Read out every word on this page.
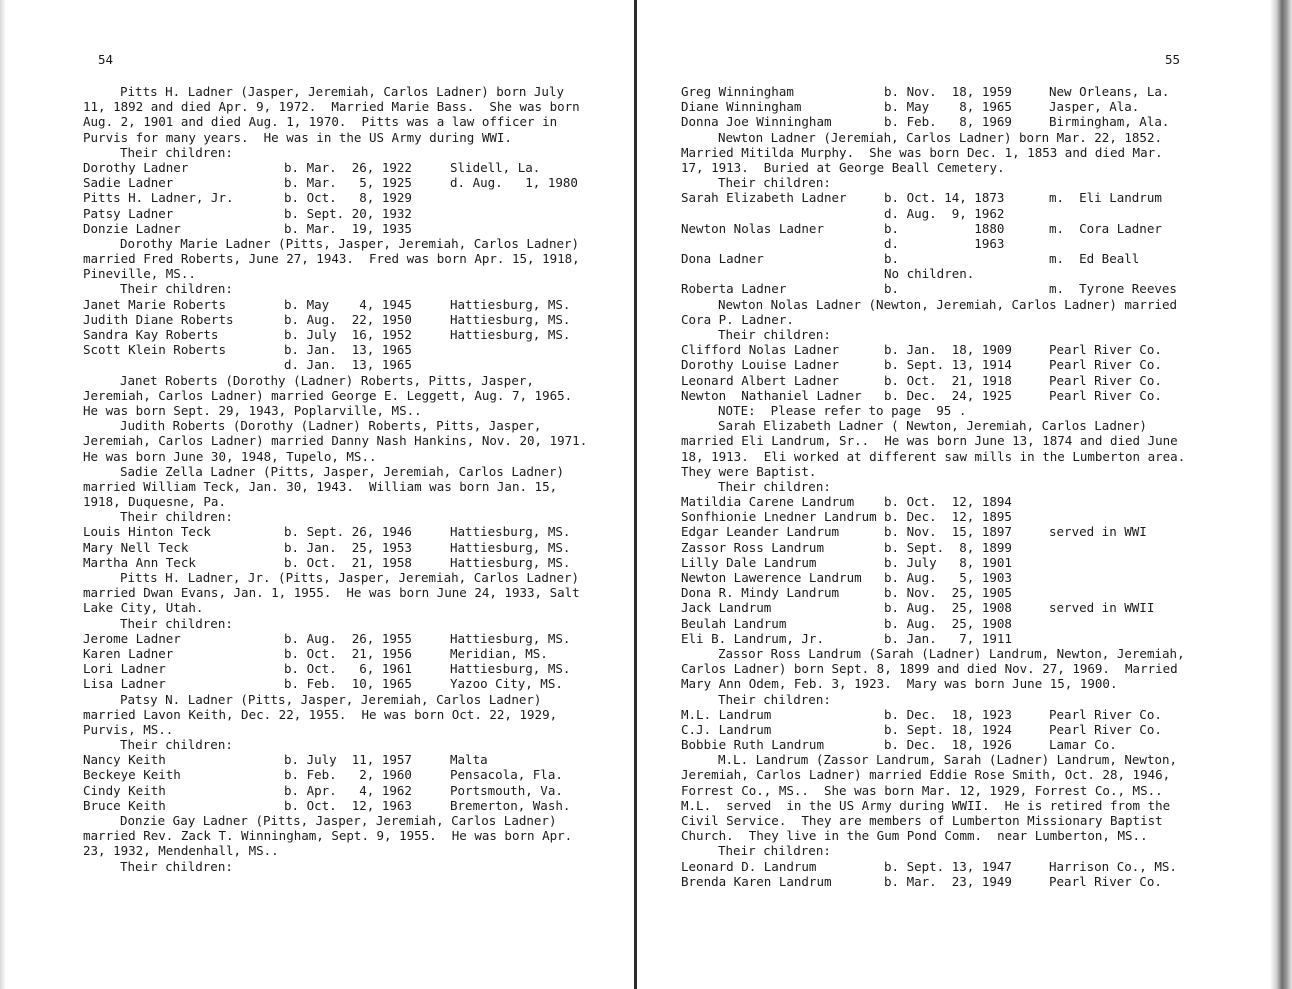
54
Pitts H. Ladner (Jasper, Jeremiah, Carlos Ladner) born July
11, 1892 and died Apr. 9, 1972.  Married Marie Bass.  She was born
Aug. 2, 1901 and died Aug. 1, 1970.  Pitts was a law officer in
Purvis for many years.  He was in the US Army during WWI.
Their children:
Dorothy Ladner	b. Mar.  26, 1922	Slidell, La.
Sadie Ladner	b. Mar.   5, 1925	d. Aug.   1, 1980
Pitts H. Ladner, Jr.	b. Oct.   8, 1929
Patsy Ladner	b. Sept. 20, 1932
Donzie Ladner	b. Mar.  19, 1935
Dorothy Marie Ladner (Pitts, Jasper, Jeremiah, Carlos Ladner)
married Fred Roberts, June 27, 1943.  Fred was born Apr. 15, 1918,
Pineville, MS..
Their children:
Janet Marie Roberts	b. May    4, 1945	Hattiesburg, MS.
Judith Diane Roberts	b. Aug.  22, 1950	Hattiesburg, MS.
Sandra Kay Roberts	b. July  16, 1952	Hattiesburg, MS.
Scott Klein Roberts	b. Jan.  13, 1965
d. Jan.  13, 1965
Janet Roberts (Dorothy (Ladner) Roberts, Pitts, Jasper,
Jeremiah, Carlos Ladner) married George E. Leggett, Aug. 7, 1965.
He was born Sept. 29, 1943, Poplarville, MS..
Judith Roberts (Dorothy (Ladner) Roberts, Pitts, Jasper,
Jeremiah, Carlos Ladner) married Danny Nash Hankins, Nov. 20, 1971.
He was born June 30, 1948, Tupelo, MS..
Sadie Zella Ladner (Pitts, Jasper, Jeremiah, Carlos Ladner)
married William Teck, Jan. 30, 1943.  William was born Jan. 15,
1918, Duquesne, Pa.
Their children:
Louis Hinton Teck	b. Sept. 26, 1946	Hattiesburg, MS.
Mary Nell Teck	b. Jan.  25, 1953	Hattiesburg, MS.
Martha Ann Teck	b. Oct.  21, 1958	Hattiesburg, MS.
Pitts H. Ladner, Jr. (Pitts, Jasper, Jeremiah, Carlos Ladner)
married Dwan Evans, Jan. 1, 1955.  He was born June 24, 1933, Salt
Lake City, Utah.
Their children:
Jerome Ladner	b. Aug.  26, 1955	Hattiesburg, MS.
Karen Ladner	b. Oct.  21, 1956	Meridian, MS.
Lori Ladner	b. Oct.   6, 1961	Hattiesburg, MS.
Lisa Ladner	b. Feb.  10, 1965	Yazoo City, MS.
Patsy N. Ladner (Pitts, Jasper, Jeremiah, Carlos Ladner)
married Lavon Keith, Dec. 22, 1955.  He was born Oct. 22, 1929,
Purvis, MS..
Their children:
Nancy Keith	b. July  11, 1957	Malta
Beckeye Keith	b. Feb.   2, 1960	Pensacola, Fla.
Cindy Keith	b. Apr.   4, 1962	Portsmouth, Va.
Bruce Keith	b. Oct.  12, 1963	Bremerton, Wash.
Donzie Gay Ladner (Pitts, Jasper, Jeremiah, Carlos Ladner)
married Rev. Zack T. Winningham, Sept. 9, 1955.  He was born Apr.
23, 1932, Mendenhall, MS..
Their children:
55
Greg Winningham	b. Nov.  18, 1959	New Orleans, La.
Diane Winningham	b. May    8, 1965	Jasper, Ala.
Donna Joe Winningham	b. Feb.   8, 1969	Birmingham, Ala.
Newton Ladner (Jeremiah, Carlos Ladner) born Mar. 22, 1852.
Married Mitilda Murphy.  She was born Dec. 1, 1853 and died Mar.
17, 1913.  Buried at George Beall Cemetery.
Their children:
Sarah Elizabeth Ladner	b. Oct. 14, 1873	m.  Eli Landrum
d. Aug.  9, 1962
Newton Nolas Ladner	b.          1880	m.  Cora Ladner
d.          1963
Dona Ladner	b.	m.  Ed Beall
No children.
Roberta Ladner	b.	m.  Tyrone Reeves
Newton Nolas Ladner (Newton, Jeremiah, Carlos Ladner) married
Cora P. Ladner.
Their children:
Clifford Nolas Ladner	b. Jan.  18, 1909	Pearl River Co.
Dorothy Louise Ladner	b. Sept. 13, 1914	Pearl River Co.
Leonard Albert Ladner	b. Oct.  21, 1918	Pearl River Co.
Newton  Nathaniel Ladner b. Dec.  24, 1925	Pearl River Co.
NOTE:  Please refer to page  95 .
Sarah Elizabeth Ladner ( Newton, Jeremiah, Carlos Ladner)
married Eli Landrum, Sr..  He was born June 13, 1874 and died June
18, 1913.  Eli worked at different saw mills in the Lumberton area.
They were Baptist.
Their children:
Matildia Carene Landrum b. Oct.  12, 1894
Sonfhionie Lnedner Landrum b. Dec.  12, 1895
Edgar Leander Landrum	b. Nov.  15, 1897	served in WWI
Zassor Ross Landrum	b. Sept.  8, 1899
Lilly Dale Landrum	b. July   8, 1901
Newton Lawerence Landrum b. Aug.   5, 1903
Dona R. Mindy Landrum	b. Nov.  25, 1905
Jack Landrum	b. Aug.  25, 1908	served in WWII
Beulah Landrum	b. Aug.  25, 1908
Eli B. Landrum, Jr.	b. Jan.   7, 1911
Zassor Ross Landrum (Sarah (Ladner) Landrum, Newton, Jeremiah,
Carlos Ladner) born Sept. 8, 1899 and died Nov. 27, 1969.  Married
Mary Ann Odem, Feb. 3, 1923.  Mary was born June 15, 1900.
Their children:
M.L. Landrum	b. Dec.  18, 1923	Pearl River Co.
C.J. Landrum	b. Sept. 18, 1924	Pearl River Co.
Bobbie Ruth Landrum	b. Dec.  18, 1926	Lamar Co.
M.L. Landrum (Zassor Landrum, Sarah (Ladner) Landrum, Newton,
Jeremiah, Carlos Ladner) married Eddie Rose Smith, Oct. 28, 1946,
Forrest Co., MS..  She was born Mar. 12, 1929, Forrest Co., MS..
M.L.  served  in the US Army during WWII.  He is retired from the
Civil Service.  They are members of Lumberton Missionary Baptist
Church.  They live in the Gum Pond Comm.  near Lumberton, MS..
Their children:
Leonard D. Landrum	b. Sept. 13, 1947	Harrison Co., MS.
Brenda Karen Landrum	b. Mar.  23, 1949	Pearl River Co.
